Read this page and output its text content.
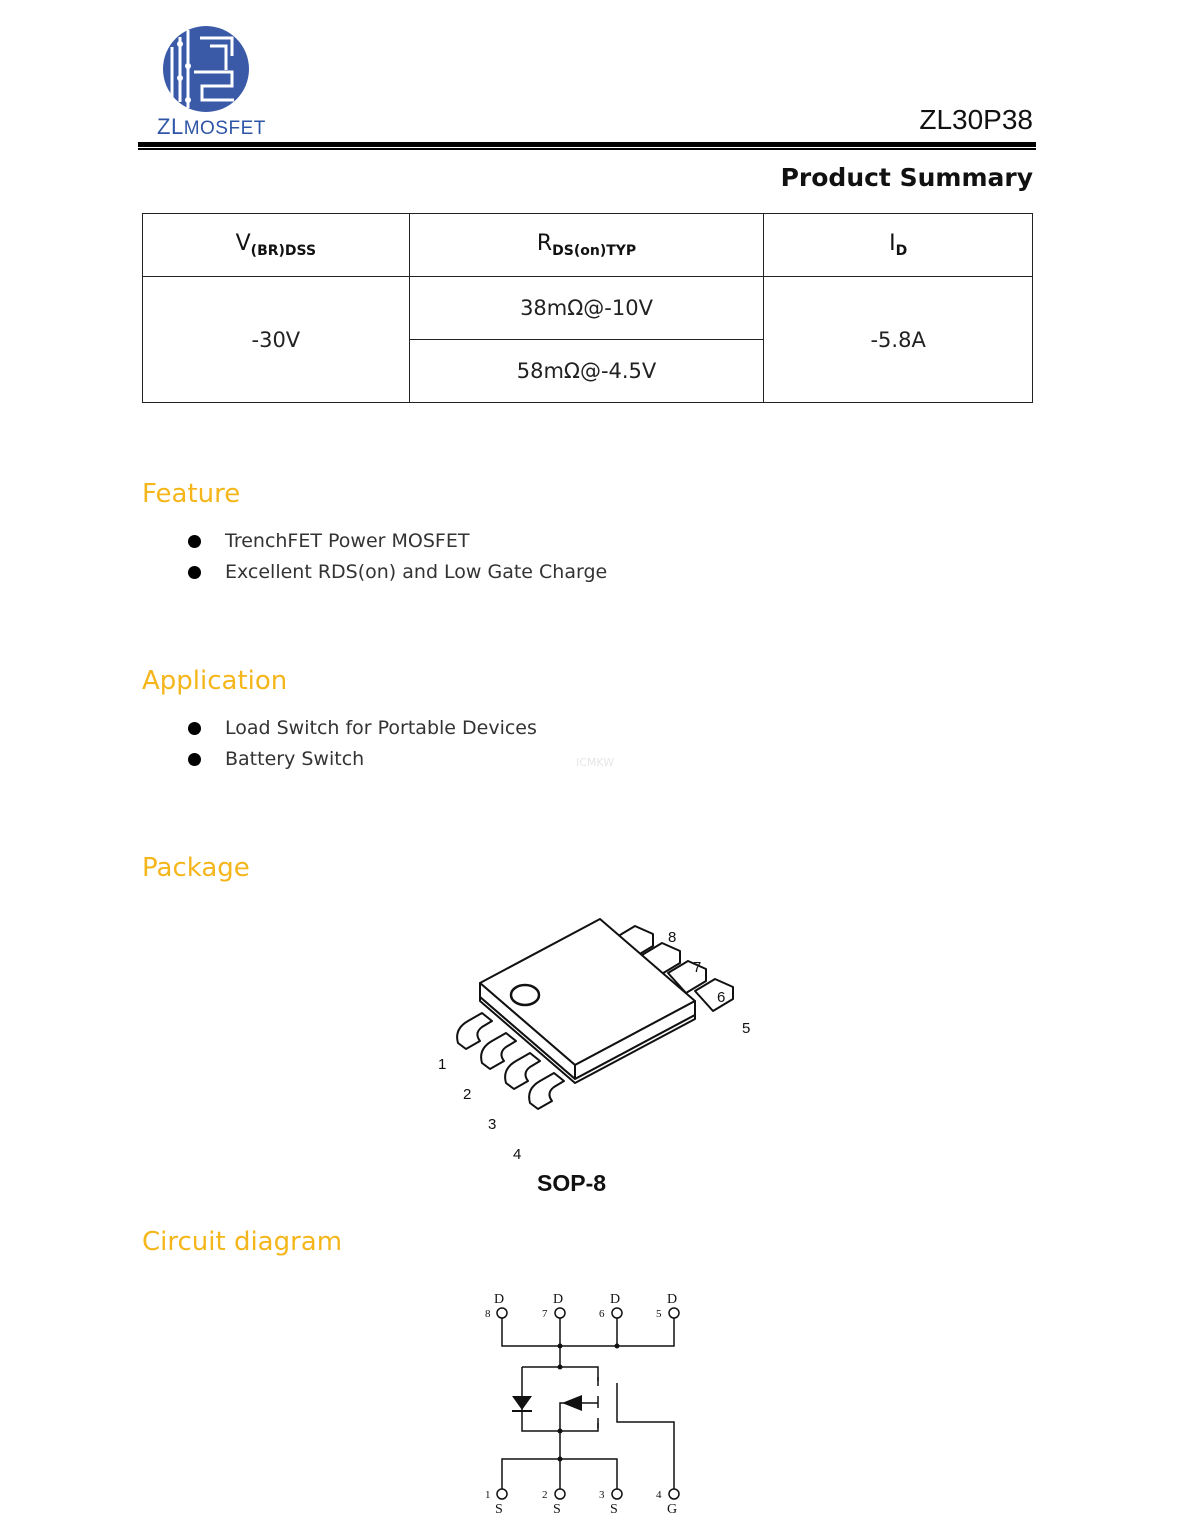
ZLMOSFET	ZL30P38
Product Summary
$V_{(BR)DSS}$	$R_{DS(on)TYP}$	$I_D$
-30V	38mΩ@-10V	-5.8A
	58mΩ@-4.5V	
Feature
TrenchFET Power MOSFET
Excellent RDS(on) and Low Gate Charge
Application
Load Switch for Portable Devices
Battery Switch	ICMKW
Package
1
2
3
4
5
6
7
8
SOP-8
Circuit diagram
D
8
D
7
D
6
D
5
1
S
2
S
3
S
4
G
